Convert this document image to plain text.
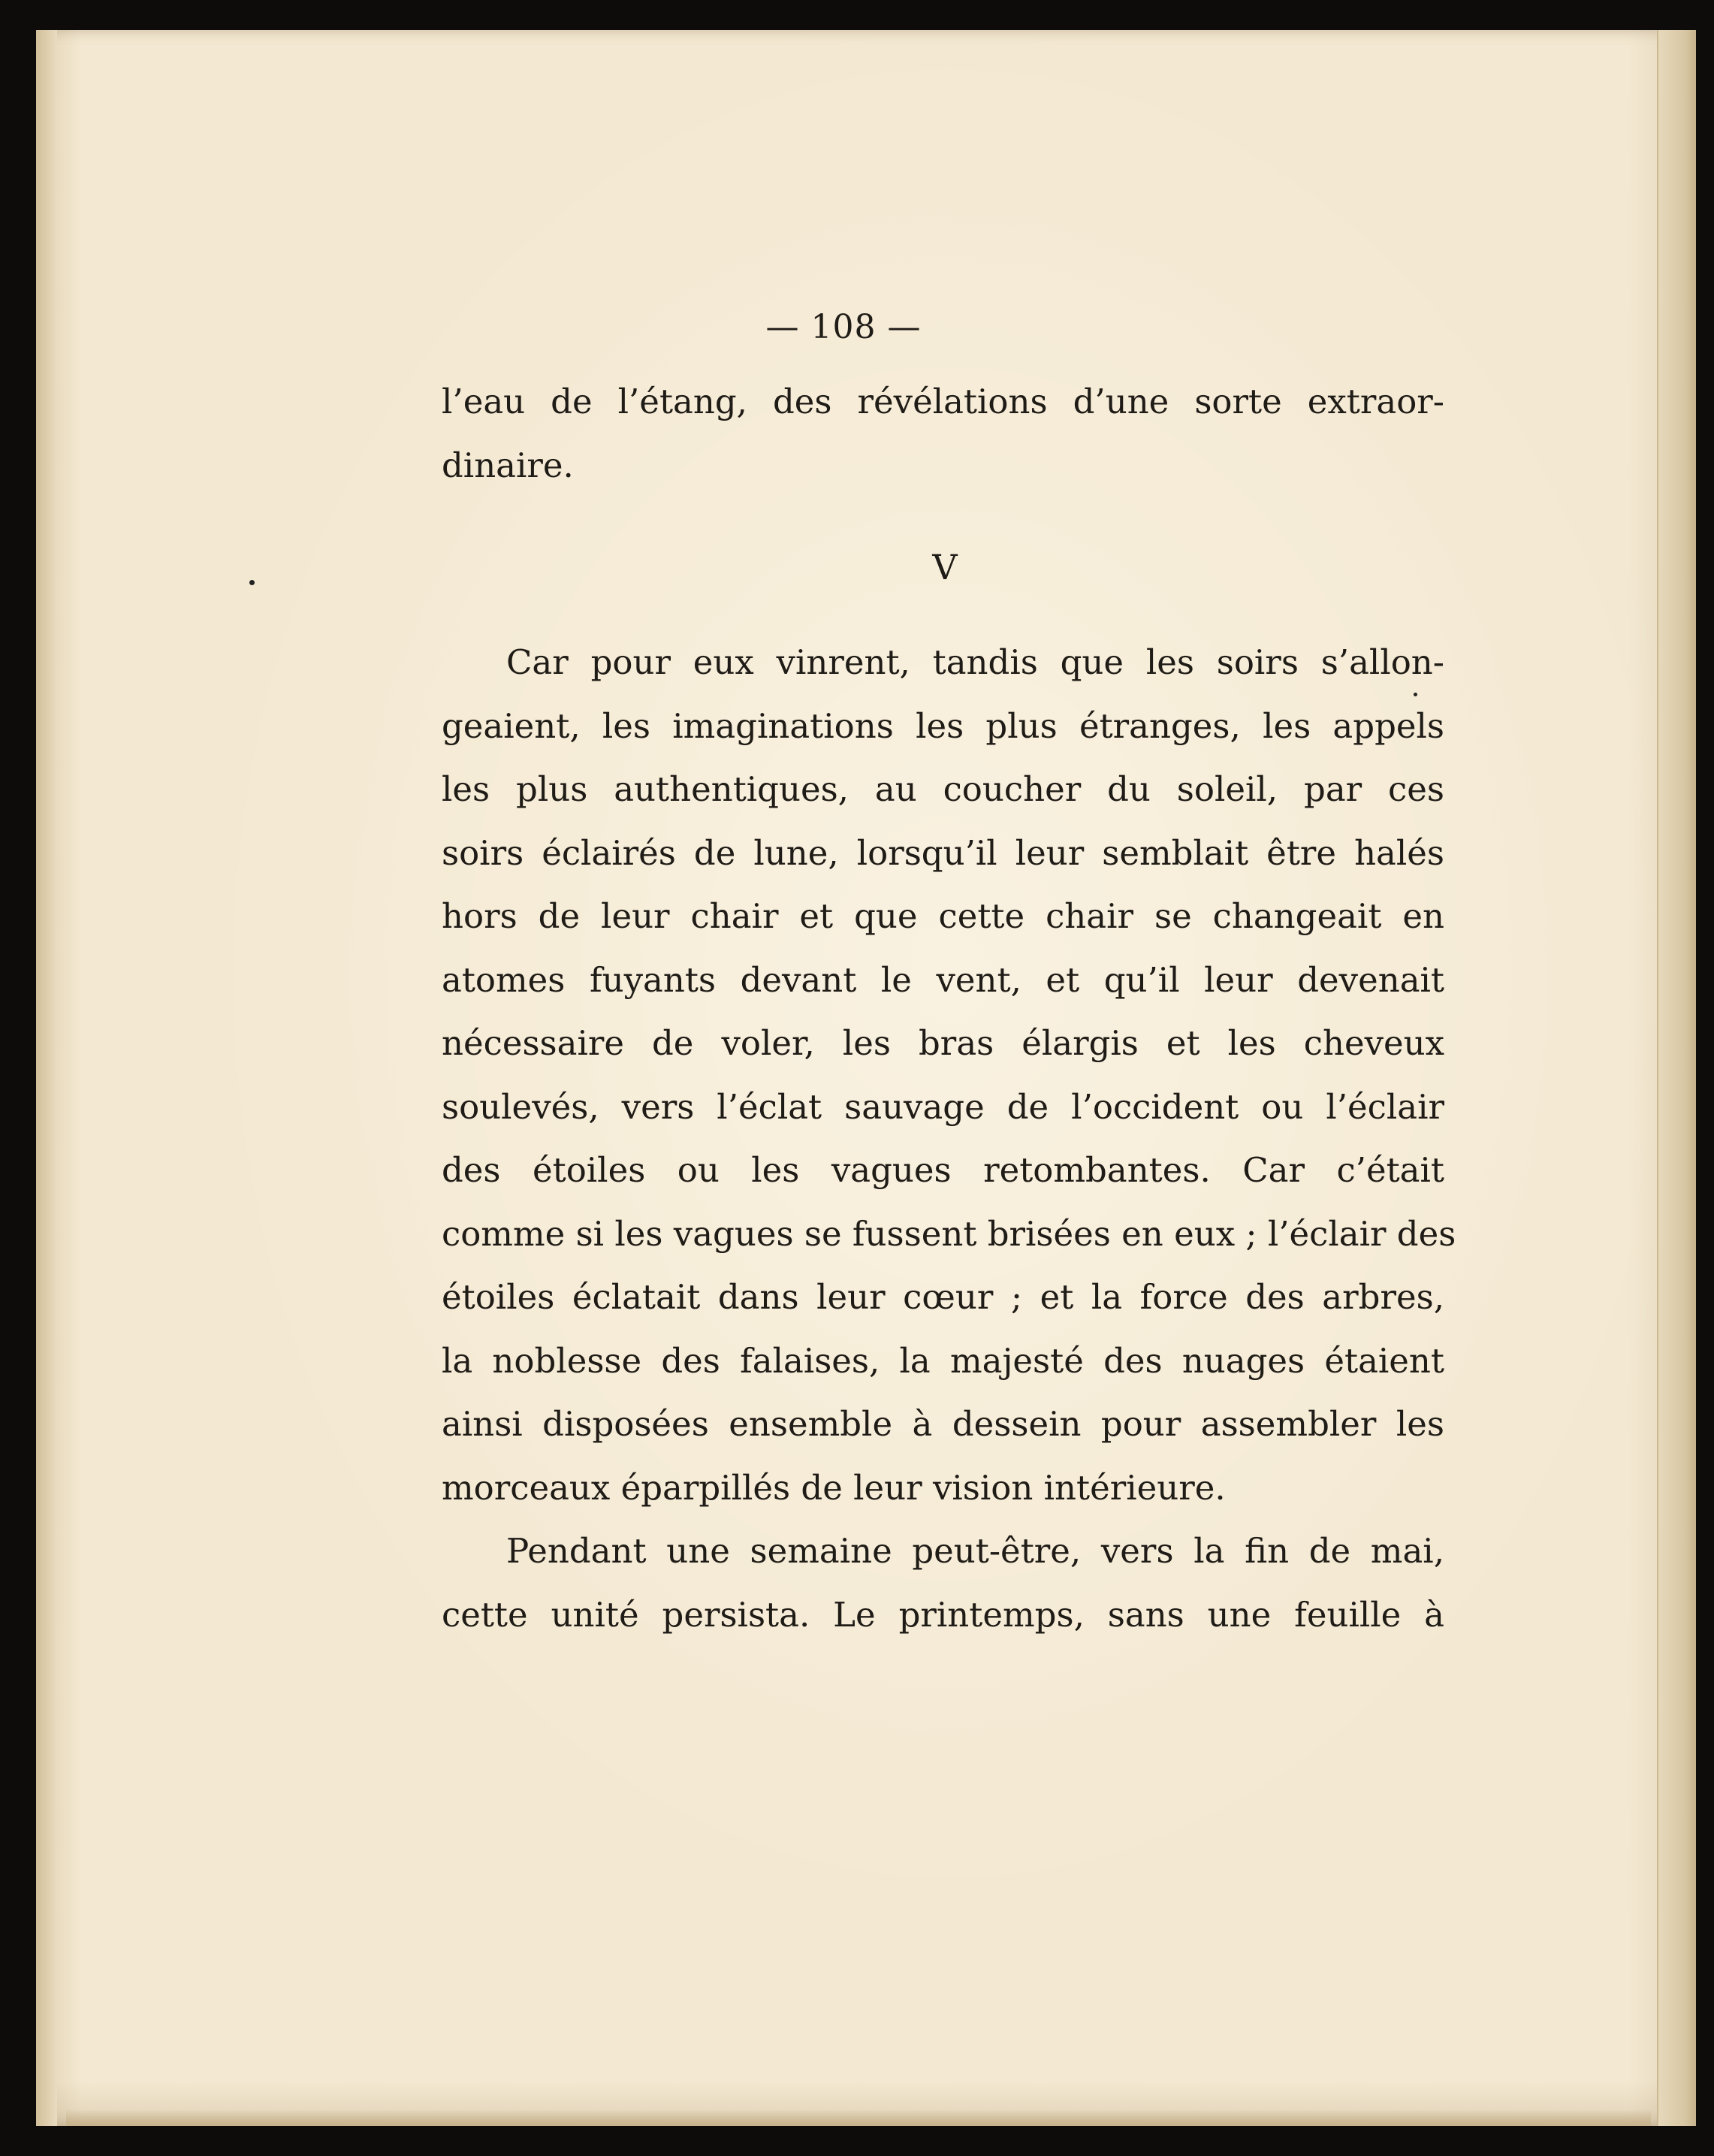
— 108 —

l’eau de l’étang, des révélations d’une sorte extraor-
dinaire.

V

Car pour eux vinrent, tandis que les soirs s’allon-
geaient, les imaginations les plus étranges, les appels
les plus authentiques, au coucher du soleil, par ces
soirs éclairés de lune, lorsqu’il leur semblait être halés
hors de leur chair et que cette chair se changeait en
atomes fuyants devant le vent, et qu’il leur devenait
nécessaire de voler, les bras élargis et les cheveux
soulevés, vers l’éclat sauvage de l’occident ou l’éclair
des étoiles ou les vagues retombantes. Car c’était
comme si les vagues se fussent brisées en eux ; l’éclair des
étoiles éclatait dans leur cœur ; et la force des arbres,
la noblesse des falaises, la majesté des nuages étaient
ainsi disposées ensemble à dessein pour assembler les
morceaux éparpillés de leur vision intérieure.

Pendant une semaine peut-être, vers la fin de mai,
cette unité persista. Le printemps, sans une feuille à
